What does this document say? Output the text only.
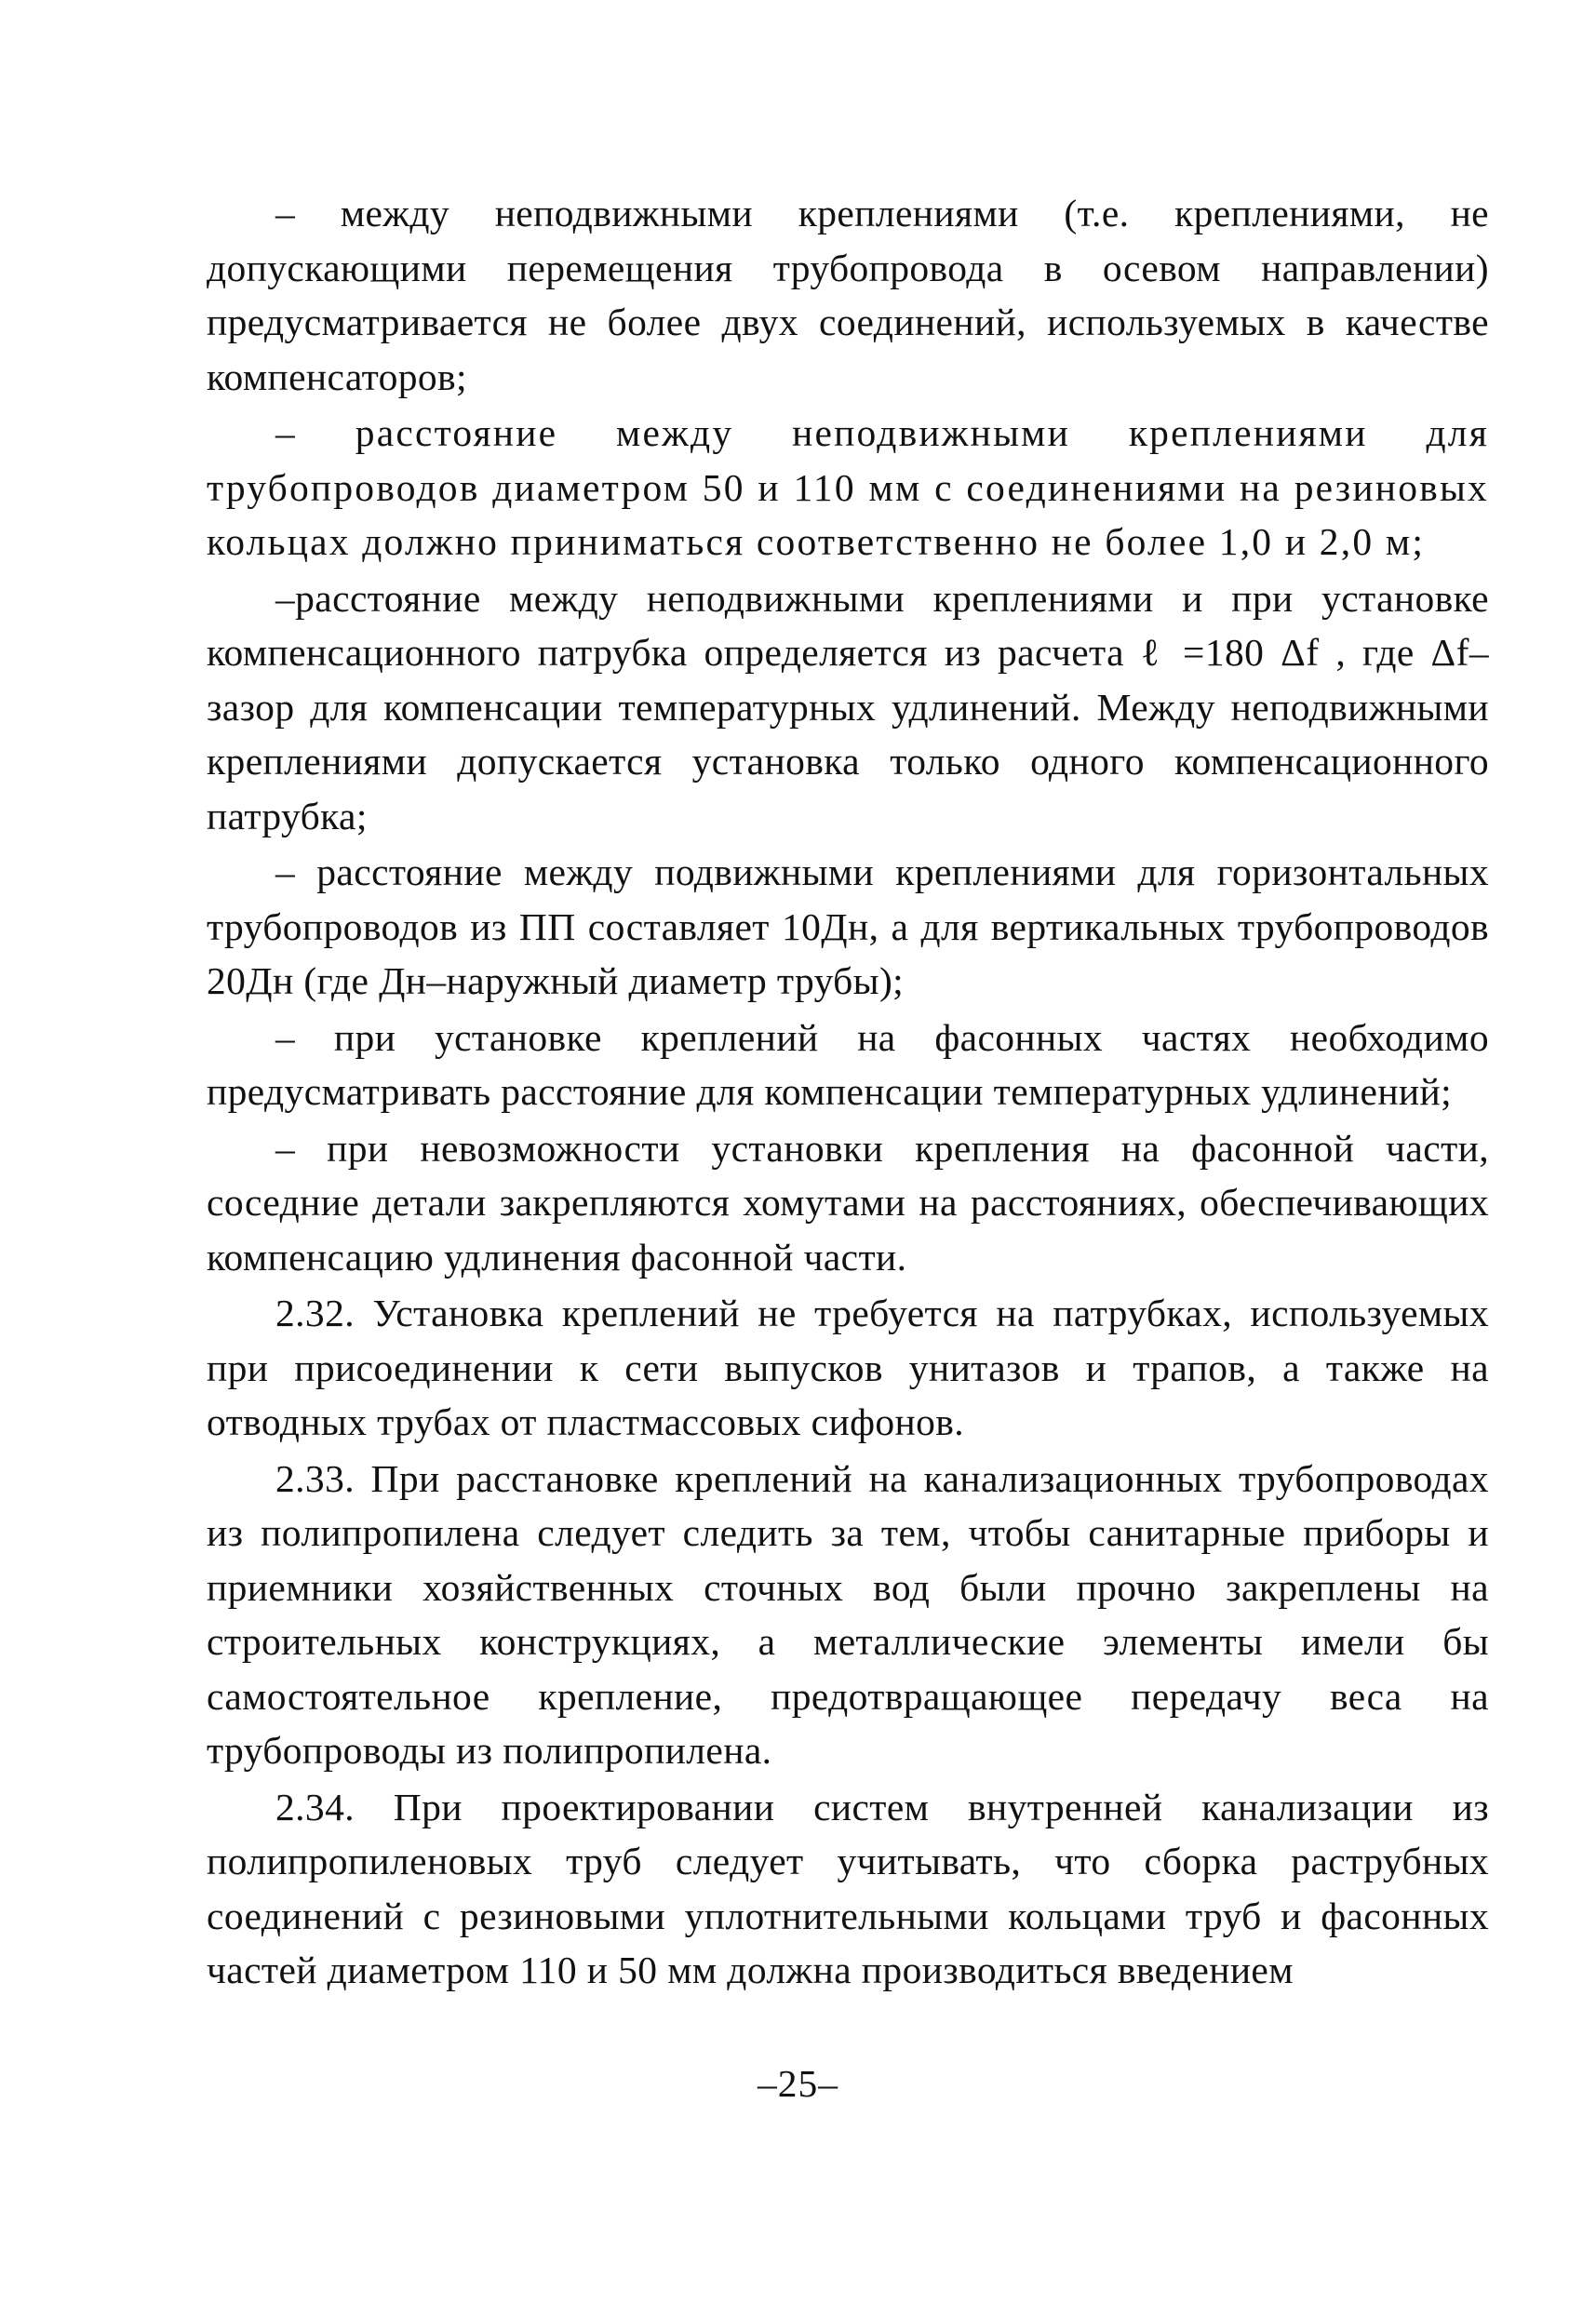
– между неподвижными креплениями (т.е. креплениями, не допускающими перемещения трубопровода в осевом направлении) предусматривается не более двух соединений, используемых в качестве компенсаторов;

– расстояние между неподвижными креплениями для трубопроводов диаметром 50 и 110 мм с соединениями на резиновых кольцах должно приниматься соответственно не более 1,0 и 2,0 м;

–расстояние между неподвижными креплениями и при установке компенсационного патрубка определяется из расчета ℓ =180 Δf , где Δf– зазор для компенсации температурных удлинений. Между неподвижными креплениями допускается установка только одного компенсационного патрубка;

– расстояние между подвижными креплениями для горизонтальных трубопроводов из ПП составляет 10Дн, а для вертикальных трубопроводов 20Дн (где Дн–наружный диаметр трубы);

– при установке креплений на фасонных частях необходимо предусматривать расстояние для компенсации температурных удлинений;

– при невозможности установки крепления на фасонной части, соседние детали закрепляются хомутами на расстояниях, обеспечивающих компенсацию удлинения фасонной части.

2.32. Установка креплений не требуется на патрубках, используемых при присоединении к сети выпусков унитазов и трапов, а также на отводных трубах от пластмассовых сифонов.

2.33. При расстановке креплений на канализационных трубопроводах из полипропилена следует следить за тем, чтобы санитарные приборы и приемники хозяйственных сточных вод были прочно закреплены на строительных конструкциях, а металлические элементы имели бы самостоятельное крепление, предотвращающее передачу веса на трубопроводы из полипропилена.

2.34. При проектировании систем внутренней канализации из полипропиленовых труб следует учитывать, что сборка раструбных соединений с резиновыми уплотнительными кольцами труб и фасонных частей диаметром 110 и 50 мм должна производиться введением

–25–
